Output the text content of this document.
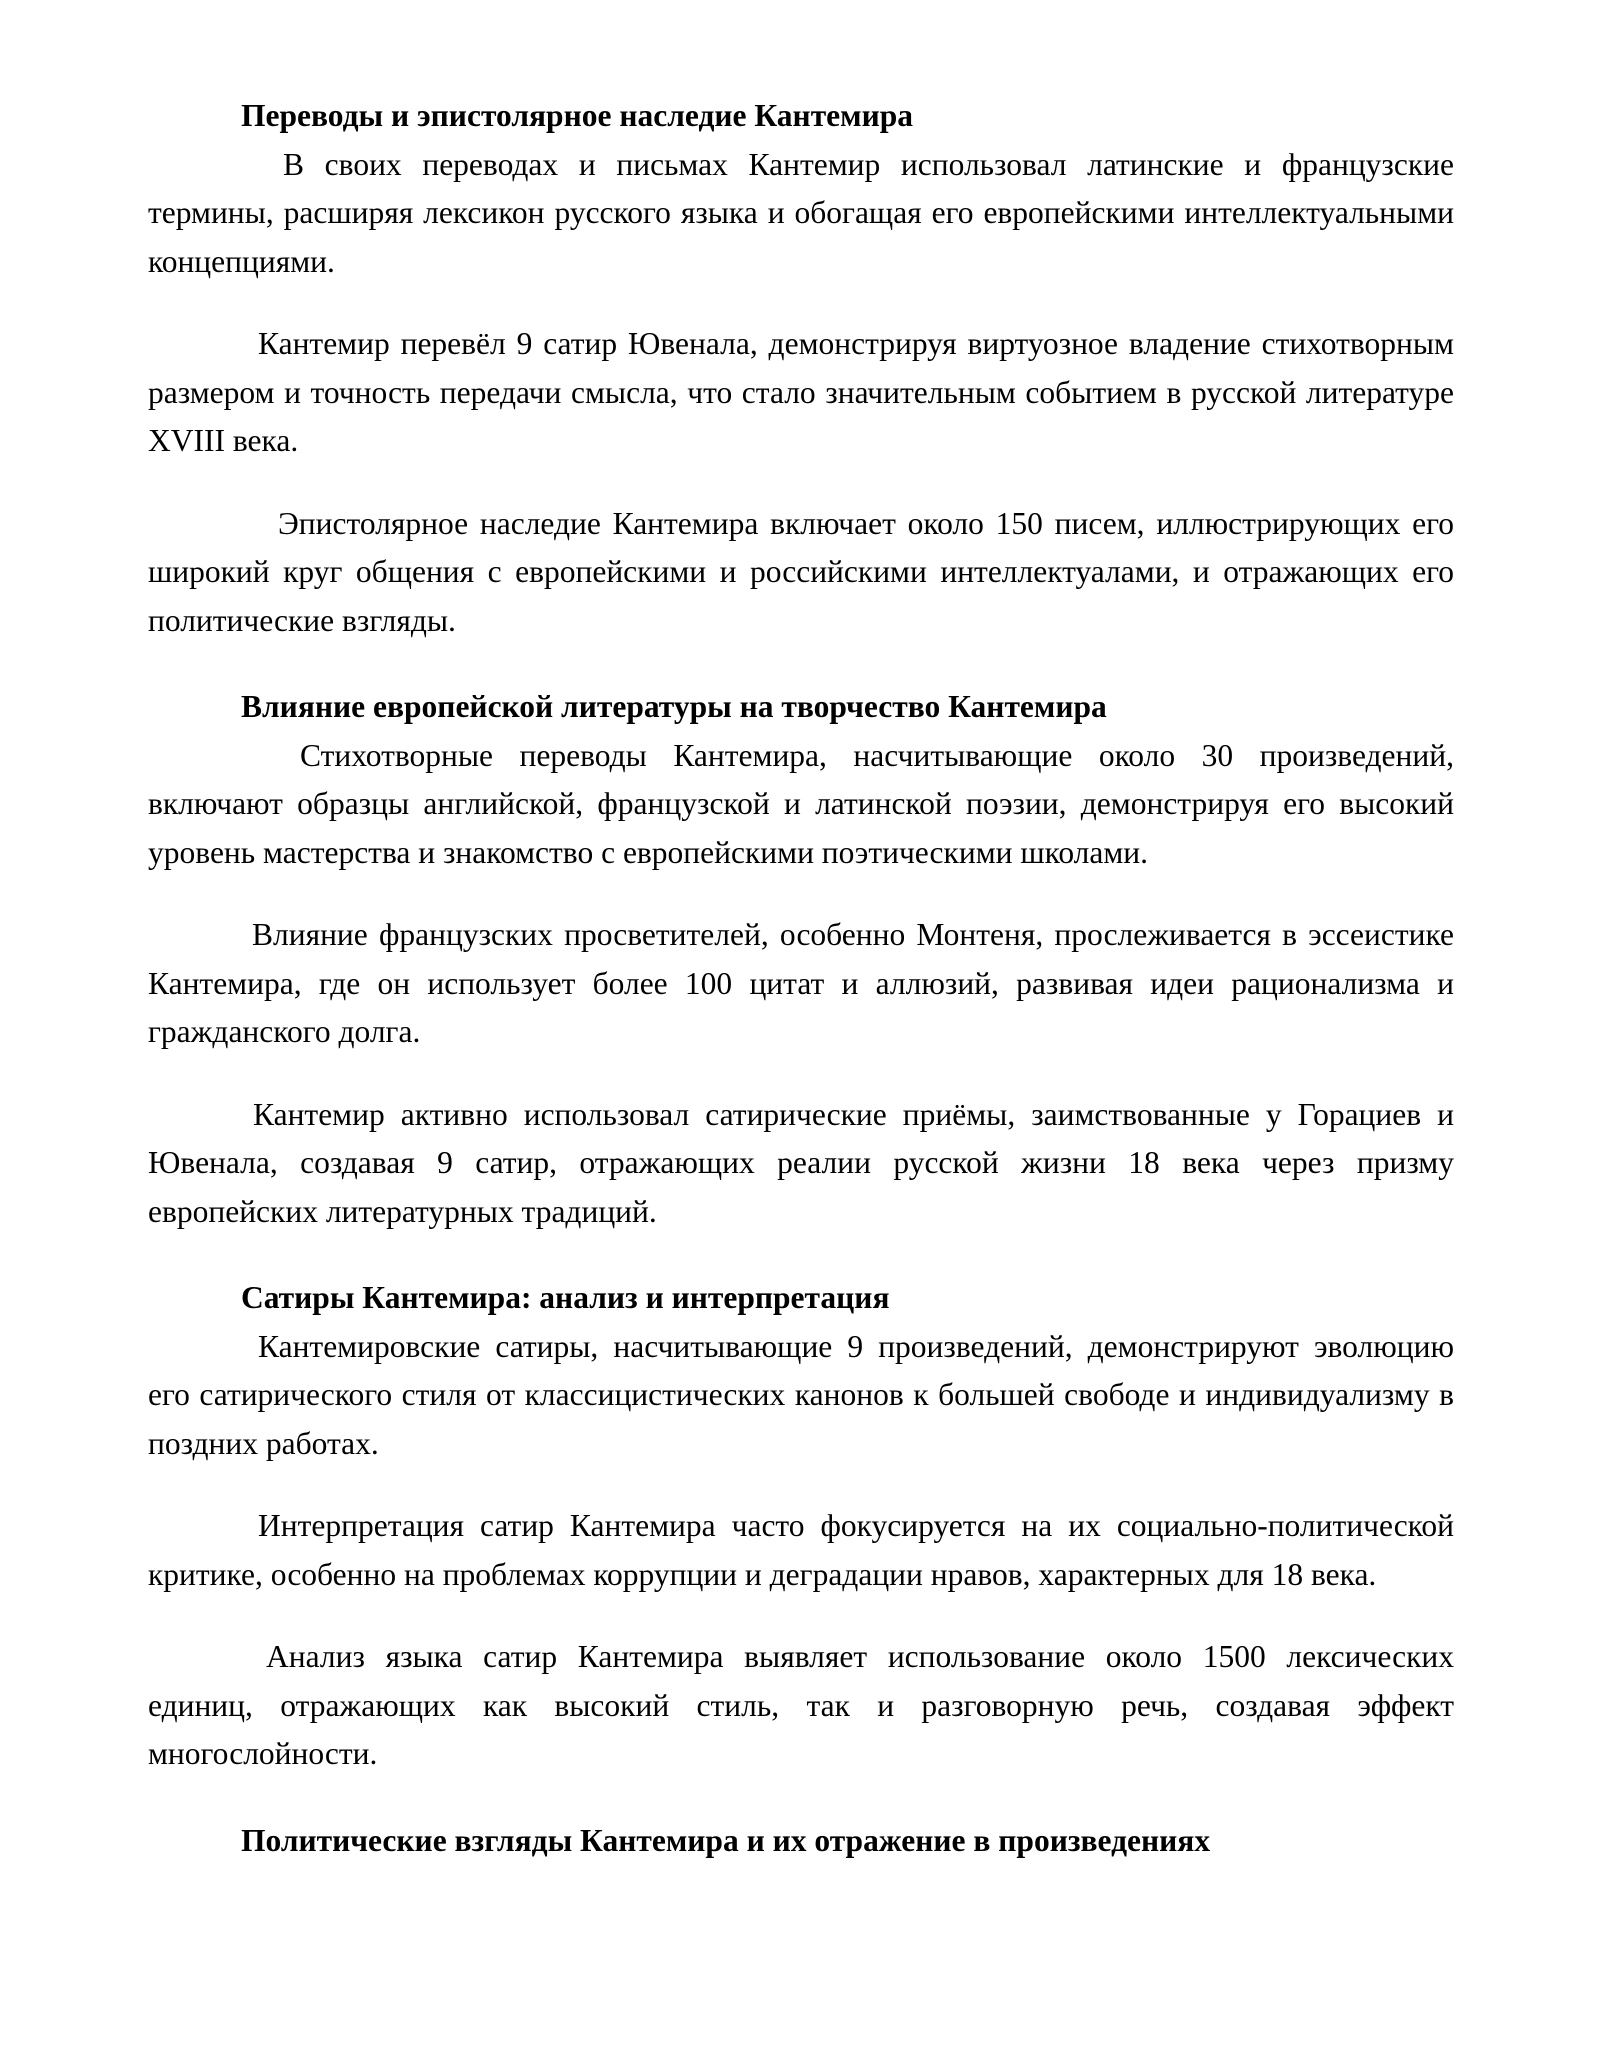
Переводы и эпистолярное наследие Кантемира

В своих переводах и письмах Кантемир использовал латинские и французские термины, расширяя лексикон русского языка и обогащая его европейскими интеллектуальными концепциями.

Кантемир перевёл 9 сатир Ювенала, демонстрируя виртуозное владение стихотворным размером и точность передачи смысла, что стало значительным событием в русской литературе XVIII века.

Эпистолярное наследие Кантемира включает около 150 писем, иллюстрирующих его широкий круг общения с европейскими и российскими интеллектуалами, и отражающих его политические взгляды.

Влияние европейской литературы на творчество Кантемира

Стихотворные переводы Кантемира, насчитывающие около 30 произведений, включают образцы английской, французской и латинской поэзии, демонстрируя его высокий уровень мастерства и знакомство с европейскими поэтическими школами.

Влияние французских просветителей, особенно Монтеня, прослеживается в эссеистике Кантемира, где он использует более 100 цитат и аллюзий, развивая идеи рационализма и гражданского долга.

Кантемир активно использовал сатирические приёмы, заимствованные у Горациев и Ювенала, создавая 9 сатир, отражающих реалии русской жизни 18 века через призму европейских литературных традиций.

Сатиры Кантемира: анализ и интерпретация

Кантемировские сатиры, насчитывающие 9 произведений, демонстрируют эволюцию его сатирического стиля от классицистических канонов к большей свободе и индивидуализму в поздних работах.

Интерпретация сатир Кантемира часто фокусируется на их социально-политической критике, особенно на проблемах коррупции и деградации нравов, характерных для 18 века.

Анализ языка сатир Кантемира выявляет использование около 1500 лексических единиц, отражающих как высокий стиль, так и разговорную речь, создавая эффект многослойности.

Политические взгляды Кантемира и их отражение в произведениях
